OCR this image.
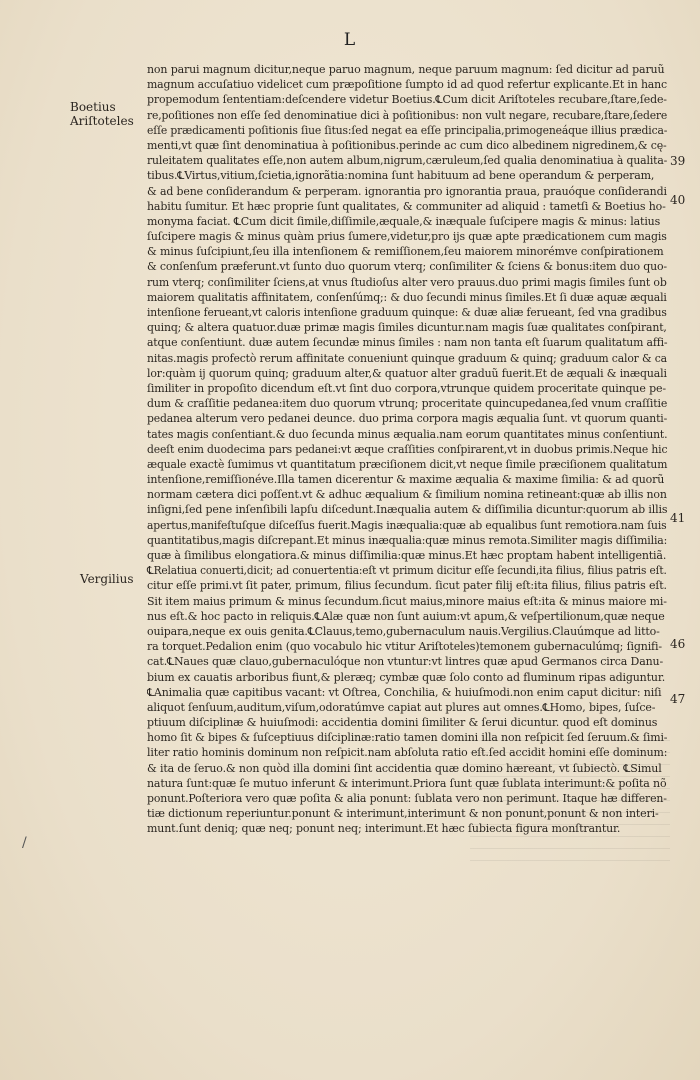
L
Boetius
Ariſtoteles
Vergilius
39
40
41
46
47
non parui magnum dicitur,neque paruo magnum, neque paruum magnum: ſed dicitur ad paruũ
magnum accuſatiuo videlicet cum præpoſitione ſumpto id ad quod refertur explicante.Et in hanc
propemodum ſententiam:deſcendere videtur Boetius.℄Cum dicit Ariſtoteles recubare,ſtare,ſede-
re,poſitiones non eſſe ſed denominatiue dici à poſitionibus: non vult negare, recubare,ſtare,ſedere
eſſe prædicamenti poſitionis ſiue ſitus:ſed negat ea eſſe principalia,primogeneáque illius prædica-
menti,vt quæ ſint denominatiua à poſitionibus.perinde ac cum dico albedinem nigredinem,& cę-
ruleitatem qualitates eſſe,non autem album,nigrum,cæruleum,ſed qualia denominatiua à qualita-
tibus.℄Virtus,vitium,ſcietia,ignorãtia:nomina ſunt habituum ad bene operandum & perperam,
& ad bene conſiderandum & perperam. ignorantia pro ignorantia praua, prauóque conſiderandi
habitu ſumitur. Et hæc proprie ſunt qualitates, & communiter ad aliquid : tametſi & Boetius ho-
monyma faciat. ℄Cum dicit ſimile,diſſimile,æquale,& inæquale ſuſcipere magis & minus: latius
ſuſcipere magis & minus quàm prius ſumere,videtur,pro ijs quæ apte prædicationem cum magis
& minus ſuſcipiunt,ſeu illa intenſionem & remiſſionem,ſeu maiorem minorémve conſpirationem
& conſenſum præferunt.vt ſunto duo quorum vterq; conſimiliter & ſciens & bonus:item duo quo-
rum vterq; conſimiliter ſciens,at vnus ſtudioſus alter vero prauus.duo primi magis ſimiles ſunt ob
maiorem qualitatis affinitatem, conſenſúmq;: & duo ſecundi minus ſimiles.Et ſi duæ aquæ æquali
intenſione ferueant,vt caloris intenſione graduum quinque: & duæ aliæ ferueant, ſed vna gradibus
quinq; & altera quatuor.duæ primæ magis ſimiles dicuntur.nam magis ſuæ qualitates conſpirant,
atque conſentiunt. duæ autem ſecundæ minus ſimiles : nam non tanta eſt ſuarum qualitatum affi-
nitas.magis profectò rerum affinitate conueniunt quinque graduum & quinq; graduum calor & ca
lor:quàm ij quorum quinq; graduum alter,& quatuor alter graduũ fuerit.Et de æquali & inæquali
ſimiliter in propoſito dicendum eſt.vt ſint duo corpora,vtrunque quidem proceritate quinque pe-
dum & craſſitie pedanea:item duo quorum vtrunq; proceritate quincupedanea,ſed vnum craſſitie
pedanea alterum vero pedanei deunce. duo prima corpora magis æqualia ſunt. vt quorum quanti-
tates magis conſentiant.& duo ſecunda minus æqualia.nam eorum quantitates minus conſentiunt.
deeſt enim duodecima pars pedanei:vt æque craſſities conſpirarent,vt in duobus primis.Neque hic
æquale exactè ſumimus vt quantitatum præciſionem dicit,vt neque ſimile præciſionem qualitatum
intenſione,remiſſionéve.Illa tamen dicerentur & maxime æqualia & maxime ſimilia: & ad quorũ
normam cætera dici poſſent.vt & adhuc æqualium & ſimilium nomina retineant:quæ ab illis non
inſigni,ſed pene inſenſibili lapſu diſcedunt.Inæqualia autem & diſſimilia dicuntur:quorum ab illis
apertus,manifeſtuſque diſceſſus fuerit.Magis inæqualia:quæ ab equalibus ſunt remotiora.nam ſuis
quantitatibus,magis diſcrepant.Et minus inæqualia:quæ minus remota.Similiter magis diſſimilia:
quæ à ſimilibus elongatiora.& minus diſſimilia:quæ minus.Et hæc proptam habent intelligentiã.
℄Relatiua conuerti,dicit; ad conuertentia:eſt vt primum dicitur eſſe ſecundi,ita filius, filius patris eſt.
citur eſſe primi.vt ſit pater, primum, filius ſecundum. ſicut pater filij eſt:ita filius, filius patris eſt.
Sit item maius primum & minus ſecundum.ſicut maius,minore maius eſt:ita & minus maiore mi-
nus eſt.& hoc pacto in reliquis.℄Alæ quæ non ſunt auium:vt apum,& veſpertilionum,quæ neque
ouipara,neque ex ouis genita.℄Clauus,temo,gubernaculum nauis.Vergilius.Clauúmque ad litto-
ra torquet.Pedalion enim (quo vocabulo hic vtitur Ariſtoteles)temonem gubernaculúmq; ſignifi-
cat.℄Naues quæ clauo,gubernaculóque non vtuntur:vt lintres quæ apud Germanos circa Danu-
bium ex cauatis arboribus fiunt,& pleræq; cymbæ quæ ſolo conto ad fluminum ripas adiguntur.
℄Animalia quæ capitibus vacant: vt Oſtrea, Conchilia, & huiuſmodi.non enim caput dicitur: niſi
aliquot ſenſuum,auditum,viſum,odoratúmve capiat aut plures aut omnes.℄Homo, bipes, ſuſce-
ptiuum diſciplinæ & huiuſmodi: accidentia domini ſimiliter & ſerui dicuntur. quod eſt dominus
homo ſit & bipes & ſuſceptiuus diſciplinæ:ratio tamen domini illa non reſpicit ſed ſeruum.& ſimi-
liter ratio hominis dominum non reſpicit.nam abſoluta ratio eſt.ſed accidit homini eſſe dominum:
& ita de ſeruo.& non quòd illa domini ſint accidentia quæ domino hæreant, vt ſubiectò. ℄Simul
natura ſunt:quæ ſe mutuo inferunt & interimunt.Priora ſunt quæ ſublata interimunt:& poſita nõ
ponunt.Poſteriora vero quæ poſita & alia ponunt: ſublata vero non perimunt. Itaque hæ differen-
tiæ dictionum reperiuntur.ponunt & interimunt,interimunt & non ponunt,ponunt & non interi-
munt.ſunt deniq; quæ neq; ponunt neq; interimunt.Et hæc ſubiecta figura monſtrantur.
/
